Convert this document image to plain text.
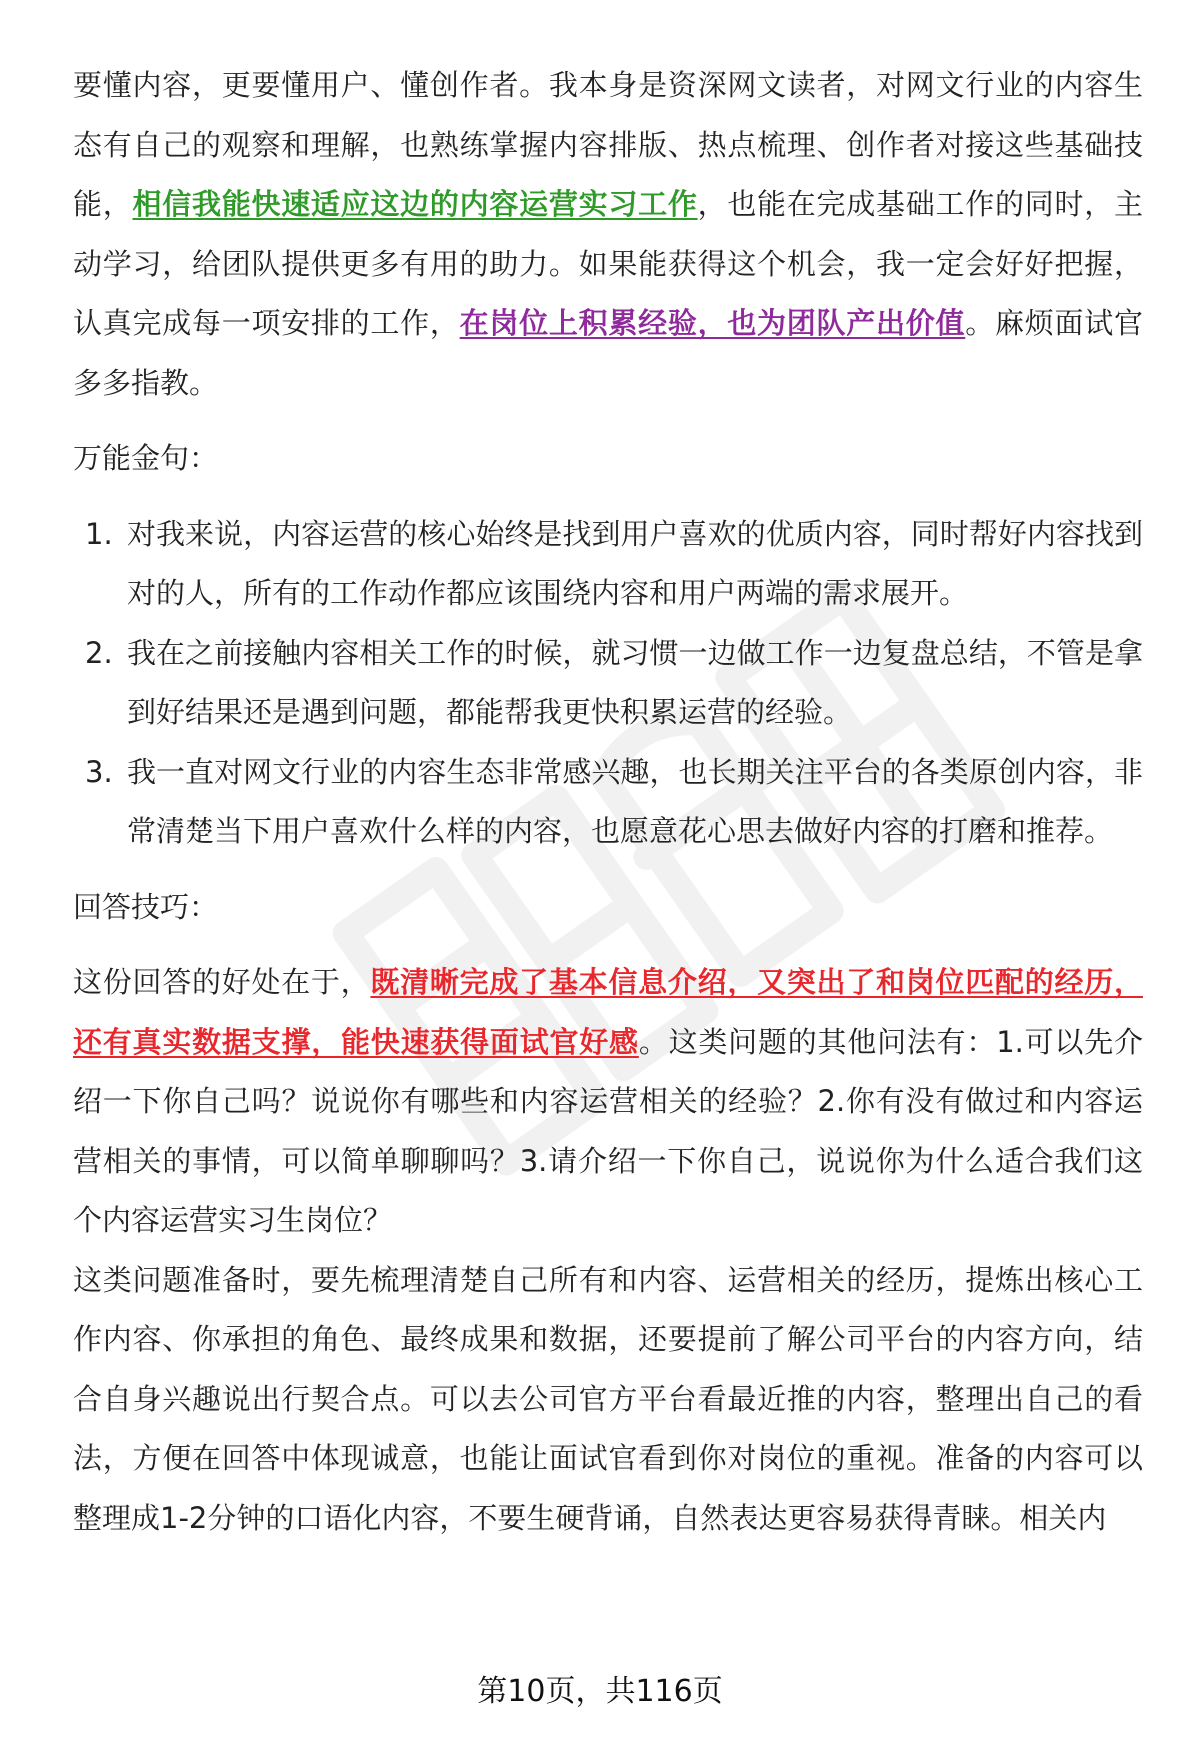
要懂内容，更要懂用户、懂创作者。我本身是资深网文读者，对网文行业的内容生态有自己的观察和理解，也熟练掌握内容排版、热点梳理、创作者对接这些基础技能，相信我能快速适应这边的内容运营实习工作，也能在完成基础工作的同时，主动学习，给团队提供更多有用的助力。如果能获得这个机会，我一定会好好把握，认真完成每一项安排的工作，在岗位上积累经验，也为团队产出价值。麻烦面试官多多指教。

万能金句：

1. 对我来说，内容运营的核心始终是找到用户喜欢的优质内容，同时帮好内容找到对的人，所有的工作动作都应该围绕内容和用户两端的需求展开。
2. 我在之前接触内容相关工作的时候，就习惯一边做工作一边复盘总结，不管是拿到好结果还是遇到问题，都能帮我更快积累运营的经验。
3. 我一直对网文行业的内容生态非常感兴趣，也长期关注平台的各类原创内容，非常清楚当下用户喜欢什么样的内容，也愿意花心思去做好内容的打磨和推荐。

回答技巧：

这份回答的好处在于，既清晰完成了基本信息介绍，又突出了和岗位匹配的经历，还有真实数据支撑，能快速获得面试官好感。这类问题的其他问法有：1.可以先介绍一下你自己吗？说说你有哪些和内容运营相关的经验？2.你有没有做过和内容运营相关的事情，可以简单聊聊吗？3.请介绍一下你自己，说说你为什么适合我们这个内容运营实习生岗位？

这类问题准备时，要先梳理清楚自己所有和内容、运营相关的经历，提炼出核心工作内容、你承担的角色、最终成果和数据，还要提前了解公司平台的内容方向，结合自身兴趣说出行契合点。可以去公司官方平台看最近推的内容，整理出自己的看法，方便在回答中体现诚意，也能让面试官看到你对岗位的重视。准备的内容可以整理成1-2分钟的口语化内容，不要生硬背诵，自然表达更容易获得青睐。相关内

第10页，共116页
